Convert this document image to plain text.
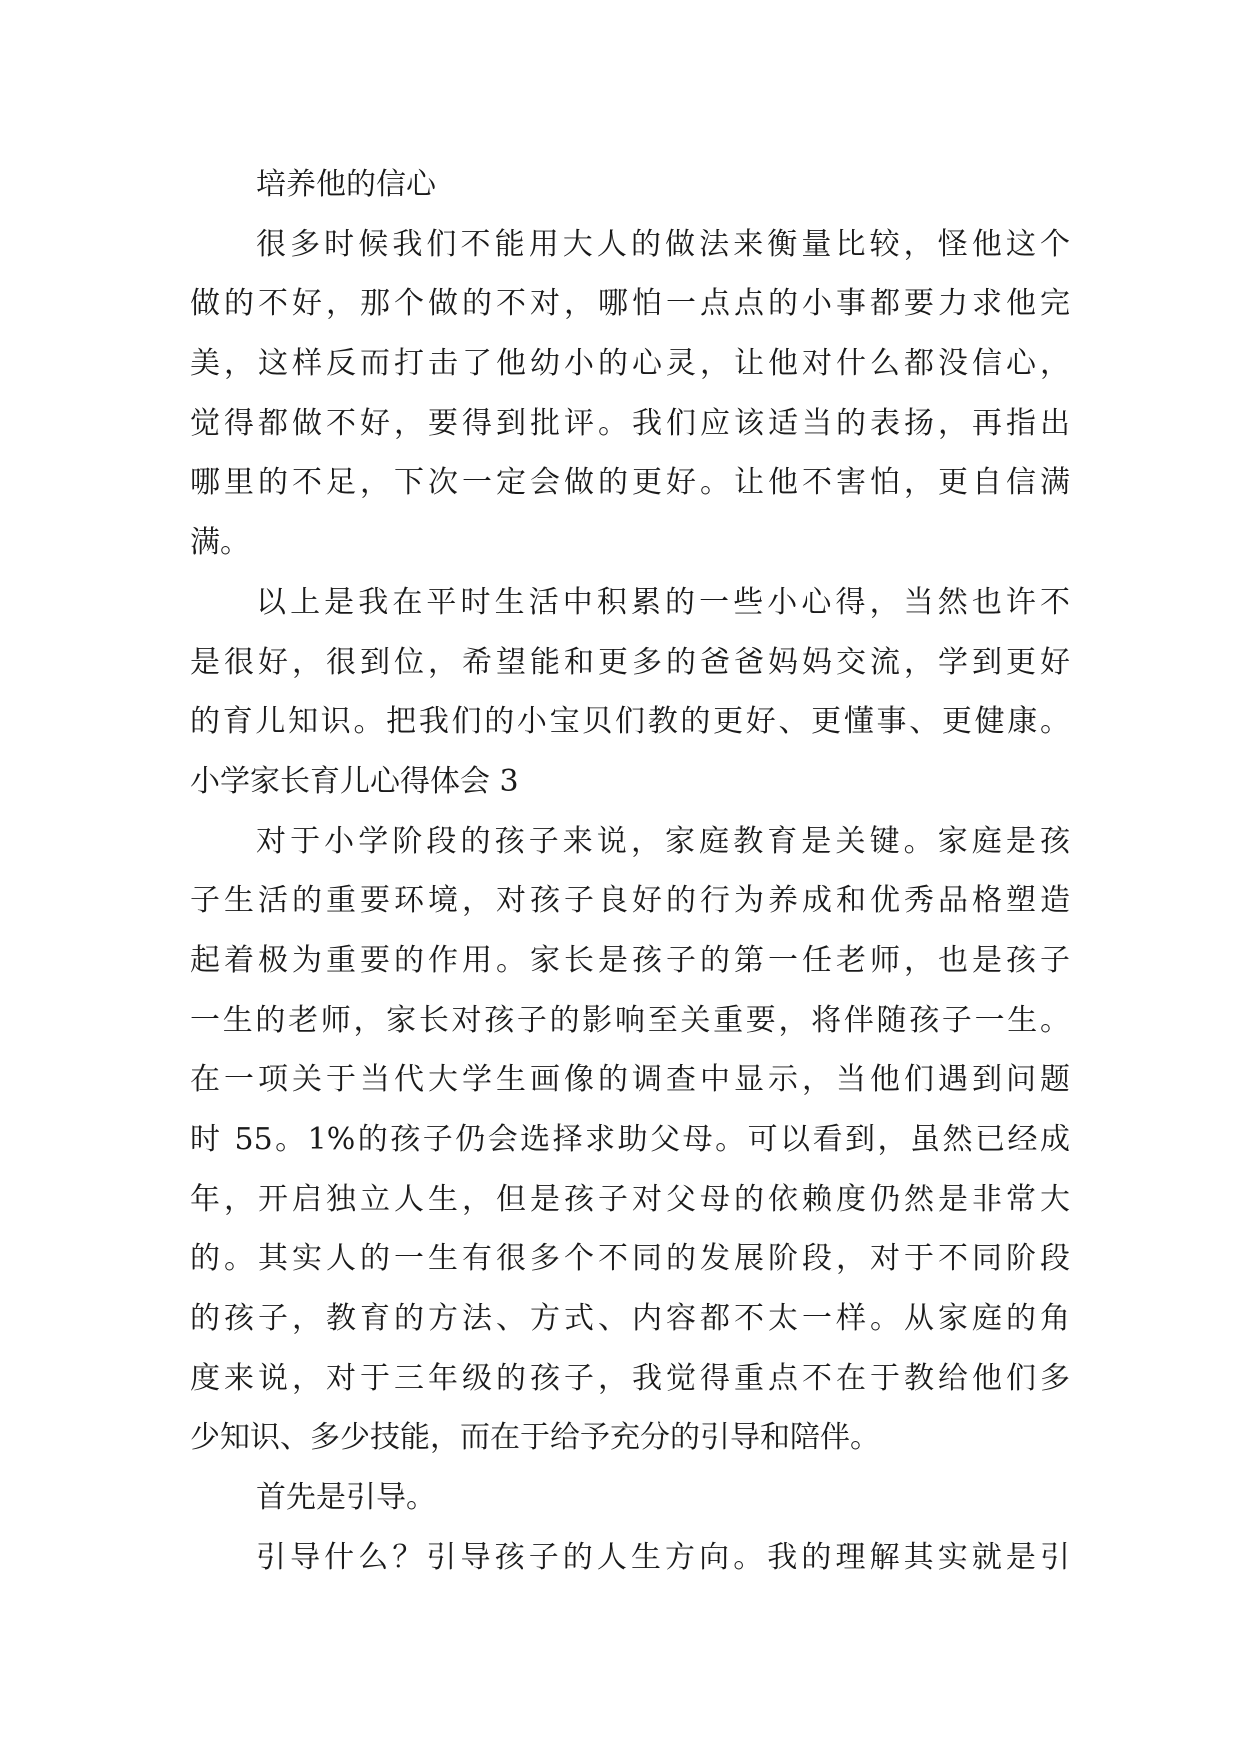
培养他的信心
很多时候我们不能用大人的做法来衡量比较，怪他这个
做的不好，那个做的不对，哪怕一点点的小事都要力求他完
美，这样反而打击了他幼小的心灵，让他对什么都没信心，
觉得都做不好，要得到批评。我们应该适当的表扬，再指出
哪里的不足，下次一定会做的更好。让他不害怕，更自信满
满。
以上是我在平时生活中积累的一些小心得，当然也许不
是很好，很到位，希望能和更多的爸爸妈妈交流，学到更好
的育儿知识。把我们的小宝贝们教的更好、更懂事、更健康。
小学家长育儿心得体会 3
对于小学阶段的孩子来说，家庭教育是关键。家庭是孩
子生活的重要环境，对孩子良好的行为养成和优秀品格塑造
起着极为重要的作用。家长是孩子的第一任老师，也是孩子
一生的老师，家长对孩子的影响至关重要，将伴随孩子一生。
在一项关于当代大学生画像的调查中显示，当他们遇到问题
时 55。1%的孩子仍会选择求助父母。可以看到，虽然已经成
年，开启独立人生，但是孩子对父母的依赖度仍然是非常大
的。其实人的一生有很多个不同的发展阶段，对于不同阶段
的孩子，教育的方法、方式、内容都不太一样。从家庭的角
度来说，对于三年级的孩子，我觉得重点不在于教给他们多
少知识、多少技能，而在于给予充分的引导和陪伴。
首先是引导。
引导什么？引导孩子的人生方向。我的理解其实就是引
